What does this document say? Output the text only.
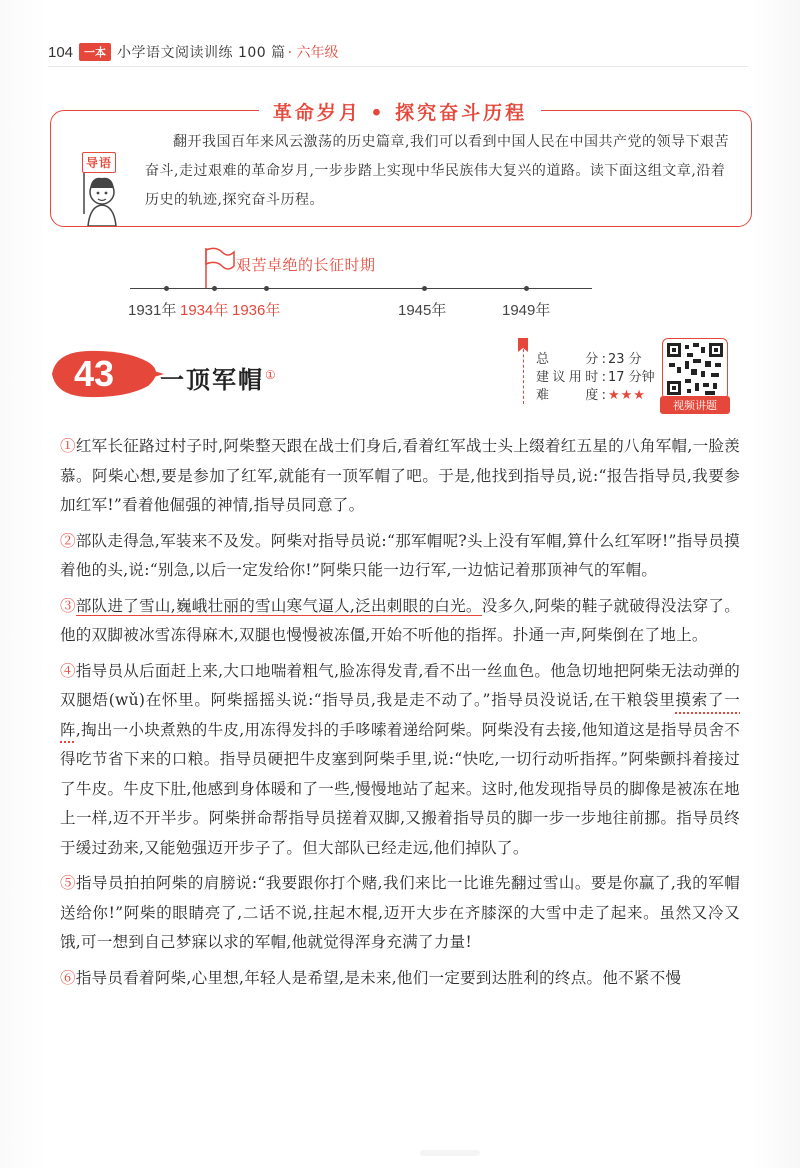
104	一本 小学语文阅读训练 100 篇 · 六年级
革命岁月 • 探究奋斗历程
导语
翻开我国百年来风云激荡的历史篇章,我们可以看到中国人民在中国共产党的领导下艰苦奋斗,走过艰难的革命岁月,一步步踏上实现中华民族伟大复兴的道路。读下面这组文章,沿着历史的轨迹,探究奋斗历程。
艰苦卓绝的长征时期
1931年 1934年 1936年	1945年	1949年
43	一顶军帽①
总　　分: 23 分
建议用时: 17 分钟
难　　度: ★★★
视频讲题

①红军长征路过村子时,阿柴整天跟在战士们身后,看着红军战士头上缀着红五星的八角军帽,一脸羡慕。阿柴心想,要是参加了红军,就能有一顶军帽了吧。于是,他找到指导员,说:“报告指导员,我要参加红军!”看着他倔强的神情,指导员同意了。

②部队走得急,军装来不及发。阿柴对指导员说:“那军帽呢?头上没有军帽,算什么红军呀!”指导员摸着他的头,说:“别急,以后一定发给你!”阿柴只能一边行军,一边惦记着那顶神气的军帽。

③部队进了雪山,巍峨壮丽的雪山寒气逼人,泛出刺眼的白光。没多久,阿柴的鞋子就破得没法穿了。他的双脚被冰雪冻得麻木,双腿也慢慢被冻僵,开始不听他的指挥。扑通一声,阿柴倒在了地上。

④指导员从后面赶上来,大口地喘着粗气,脸冻得发青,看不出一丝血色。他急切地把阿柴无法动弹的双腿焐(wǔ)在怀里。阿柴摇摇头说:“指导员,我是走不动了。”指导员没说话,在干粮袋里摸索了一阵,掏出一小块煮熟的牛皮,用冻得发抖的手哆嗦着递给阿柴。阿柴没有去接,他知道这是指导员舍不得吃节省下来的口粮。指导员硬把牛皮塞到阿柴手里,说:“快吃,一切行动听指挥。”阿柴颤抖着接过了牛皮。牛皮下肚,他感到身体暖和了一些,慢慢地站了起来。这时,他发现指导员的脚像是被冻在地上一样,迈不开半步。阿柴拼命帮指导员搓着双脚,又搬着指导员的脚一步一步地往前挪。指导员终于缓过劲来,又能勉强迈开步子了。但大部队已经走远,他们掉队了。

⑤指导员拍拍阿柴的肩膀说:“我要跟你打个赌,我们来比一比谁先翻过雪山。要是你赢了,我的军帽送给你!”阿柴的眼睛亮了,二话不说,拄起木棍,迈开大步在齐膝深的大雪中走了起来。虽然又冷又饿,可一想到自己梦寐以求的军帽,他就觉得浑身充满了力量!

⑥指导员看着阿柴,心里想,年轻人是希望,是未来,他们一定要到达胜利的终点。他不紧不慢
